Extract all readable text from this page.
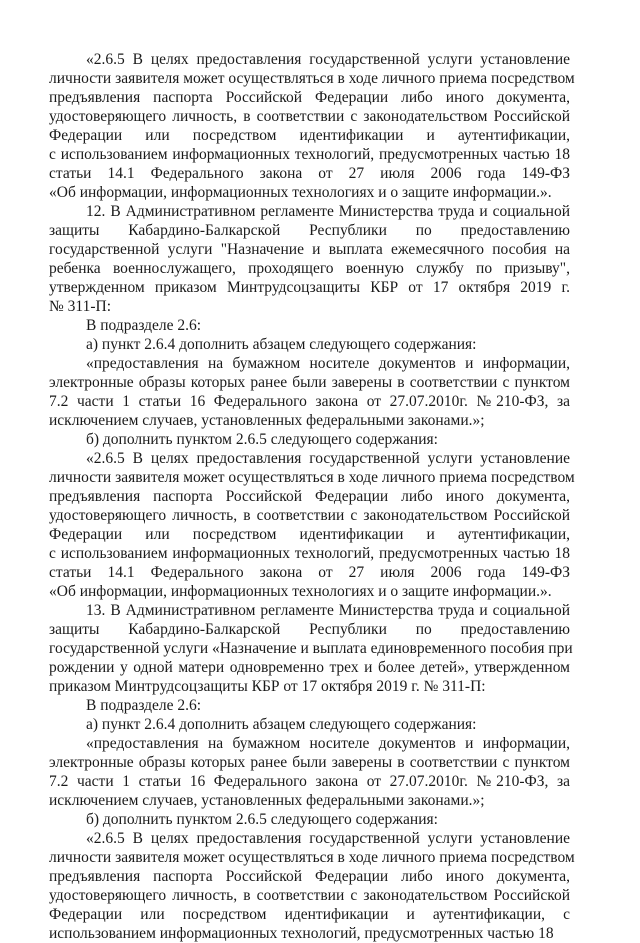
«2.6.5 В целях предоставления государственной услуги установление
личности заявителя может осуществляться в ходе личного приема посредством
предъявления паспорта Российской Федерации либо иного документа,
удостоверяющего личность, в соответствии с законодательством Российской
Федерации или посредством идентификации и аутентификации,
с использованием информационных технологий, предусмотренных частью 18
статьи 14.1 Федерального закона от 27 июля 2006 года 149-ФЗ
«Об информации, информационных технологиях и о защите информации.».
12. В Административном регламенте Министерства труда и социальной
защиты Кабардино-Балкарской Республики по предоставлению
государственной услуги "Назначение и выплата ежемесячного пособия на
ребенка военнослужащего, проходящего военную службу по призыву",
утвержденном приказом Минтрудсоцзащиты КБР от 17 октября 2019 г.
№ 311-П:
В подразделе 2.6:
а) пункт 2.6.4 дополнить абзацем следующего содержания:
«предоставления на бумажном носителе документов и информации,
электронные образы которых ранее были заверены в соответствии с пунктом
7.2 части 1 статьи 16 Федерального закона от 27.07.2010г. №210-ФЗ, за
исключением случаев, установленных федеральными законами.»;
б) дополнить пунктом 2.6.5 следующего содержания:
«2.6.5 В целях предоставления государственной услуги установление
личности заявителя может осуществляться в ходе личного приема посредством
предъявления паспорта Российской Федерации либо иного документа,
удостоверяющего личность, в соответствии с законодательством Российской
Федерации или посредством идентификации и аутентификации,
с использованием информационных технологий, предусмотренных частью 18
статьи 14.1 Федерального закона от 27 июля 2006 года 149-ФЗ
«Об информации, информационных технологиях и о защите информации.».
13. В Административном регламенте Министерства труда и социальной
защиты Кабардино-Балкарской Республики по предоставлению
государственной услуги «Назначение и выплата единовременного пособия при
рождении у одной матери одновременно трех и более детей», утвержденном
приказом Минтрудсоцзащиты КБР от 17 октября 2019 г. № 311-П:
В подразделе 2.6:
а) пункт 2.6.4 дополнить абзацем следующего содержания:
«предоставления на бумажном носителе документов и информации,
электронные образы которых ранее были заверены в соответствии с пунктом
7.2 части 1 статьи 16 Федерального закона от 27.07.2010г. №210-ФЗ, за
исключением случаев, установленных федеральными законами.»;
б) дополнить пунктом 2.6.5 следующего содержания:
«2.6.5 В целях предоставления государственной услуги установление
личности заявителя может осуществляться в ходе личного приема посредством
предъявления паспорта Российской Федерации либо иного документа,
удостоверяющего личность, в соответствии с законодательством Российской
Федерации или посредством идентификации и аутентификации, с
использованием информационных технологий, предусмотренных частью 18
